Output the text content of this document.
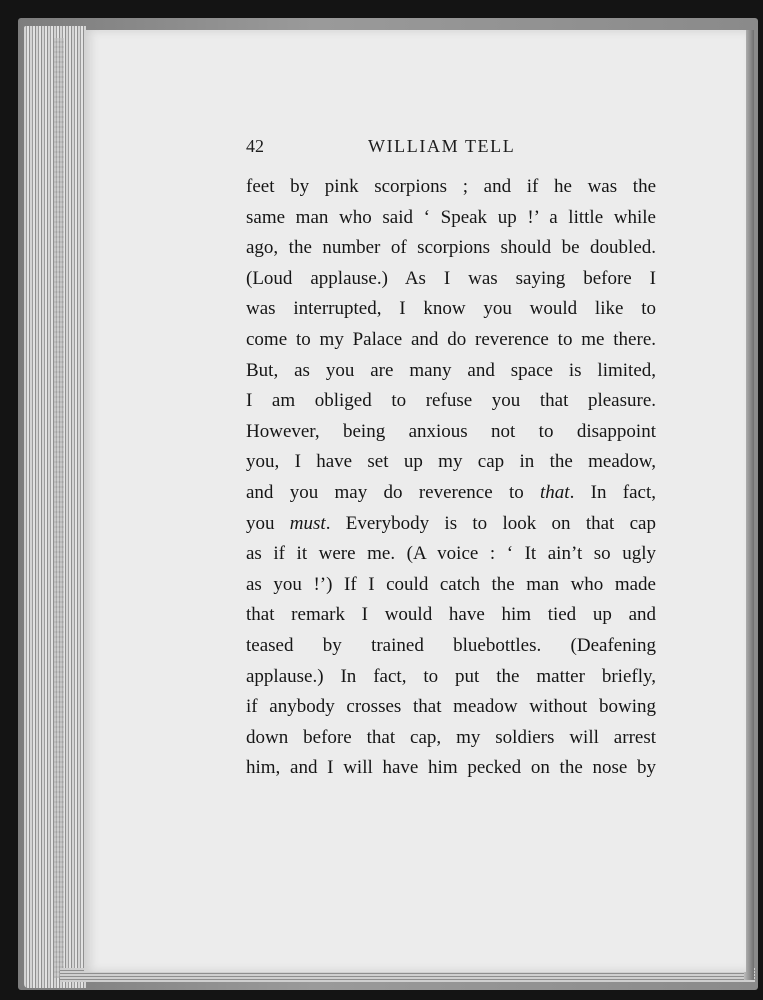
42	WILLIAM TELL
feet by pink scorpions ; and if he was the
same man who said ‘ Speak up !’ a little while
ago, the number of scorpions should be doubled.
(Loud applause.) As I was saying before I
was interrupted, I know you would like to
come to my Palace and do reverence to me there.
But, as you are many and space is limited,
I am obliged to refuse you that pleasure.
However, being anxious not to disappoint
you, I have set up my cap in the meadow,
and you may do reverence to that. In fact,
you must. Everybody is to look on that cap
as if it were me. (A voice : ‘ It ain’t so ugly
as you !’) If I could catch the man who made
that remark I would have him tied up and
teased by trained bluebottles. (Deafening
applause.) In fact, to put the matter briefly,
if anybody crosses that meadow without bowing
down before that cap, my soldiers will arrest
him, and I will have him pecked on the nose by
